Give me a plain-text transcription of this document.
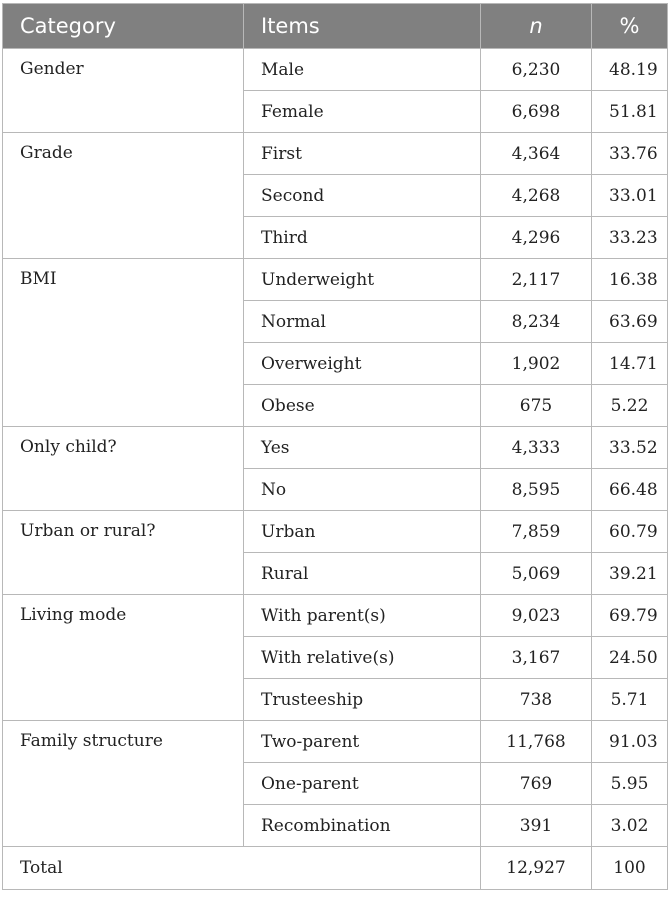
Category	Items	n	%
Gender	Male	6,230	48.19
	Female	6,698	51.81
Grade	First	4,364	33.76
	Second	4,268	33.01
	Third	4,296	33.23
BMI	Underweight	2,117	16.38
	Normal	8,234	63.69
	Overweight	1,902	14.71
	Obese	675	5.22
Only child?	Yes	4,333	33.52
	No	8,595	66.48
Urban or rural?	Urban	7,859	60.79
	Rural	5,069	39.21
Living mode	With parent(s)	9,023	69.79
	With relative(s)	3,167	24.50
	Trusteeship	738	5.71
Family structure	Two-parent	11,768	91.03
	One-parent	769	5.95
	Recombination	391	3.02
Total		12,927	100
